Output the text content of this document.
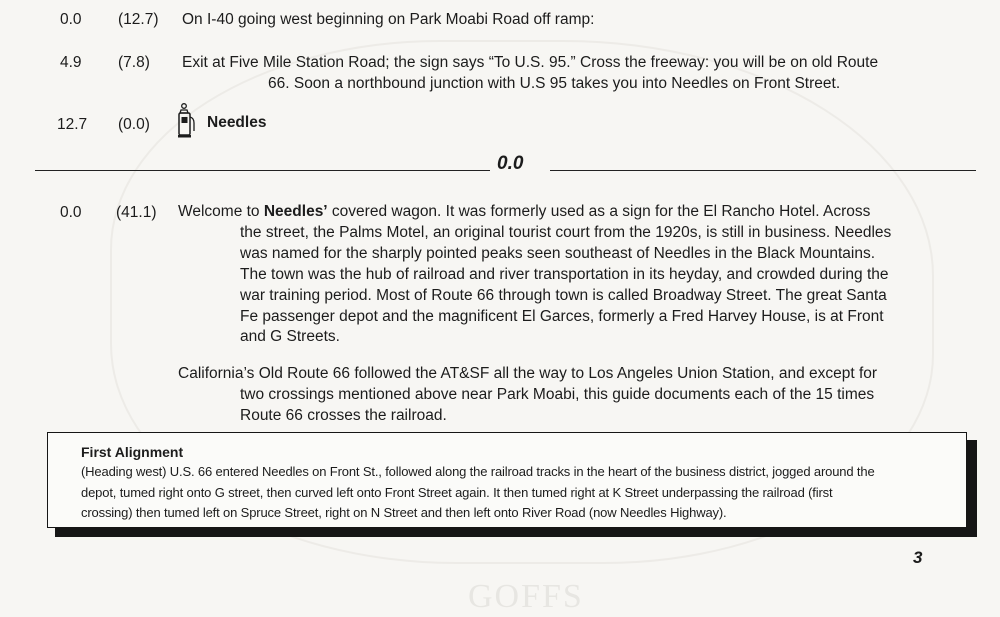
GOFFS
0.0 (12.7) On I-40 going west beginning on Park Moabi Road off ramp:
4.9 (7.8) Exit at Five Mile Station Road; the sign says “To U.S. 95.” Cross the freeway: you will be on old Route
66. Soon a northbound junction with U.S 95 takes you into Needles on Front Street.
12.7 (0.0)	Needles
0.0
0.0 (41.1) Welcome to Needles’ covered wagon. It was formerly used as a sign for the El Rancho Hotel. Across
the street, the Palms Motel, an original tourist court from the 1920s, is still in business. Needles
was named for the sharply pointed peaks seen southeast of Needles in the Black Mountains.
The town was the hub of railroad and river transportation in its heyday, and crowded during the
war training period. Most of Route 66 through town is called Broadway Street. The great Santa
Fe passenger depot and the magnificent El Garces, formerly a Fred Harvey House, is at Front
and G Streets.
California’s Old Route 66 followed the AT&SF all the way to Los Angeles Union Station, and except for
two crossings mentioned above near Park Moabi, this guide documents each of the 15 times
Route 66 crosses the railroad.
First Alignment
(Heading west) U.S. 66 entered Needles on Front St., followed along the railroad tracks in the heart of the business district, jogged around the
depot, tumed right onto G street, then curved left onto Front Street again. It then tumed right at K Street underpassing the railroad (first
crossing) then tumed left on Spruce Street, right on N Street and then left onto River Road (now Needles Highway).
3
